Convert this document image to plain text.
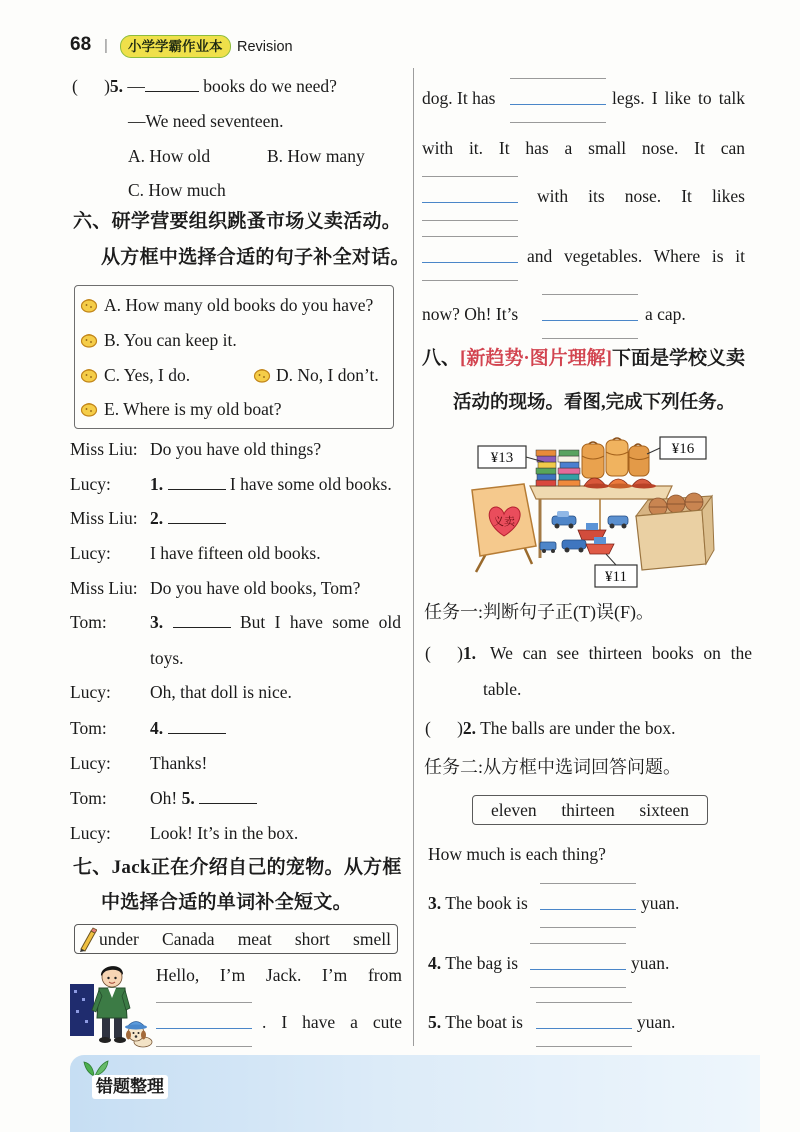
68 |	小学学霸作业本	Revision
(      )5. —	books do we need?
—We need seventeen.
A. How old	B. How many
C. How much
六、研学营要组织跳蚤市场义卖活动。
从方框中选择合适的句子补全对话。
A. How many old books do you have?
B. You can keep it.
C. Yes, I do.	D. No, I don’t.
E. Where is my old boat?
Miss Liu: Do you have old things?
Lucy: 1.	I have some old books.
Miss Liu: 2.
Lucy: I have fifteen old books.
Miss Liu: Do you have old books, Tom?
Tom: 3.	But I have some old
toys.
Lucy: Oh, that doll is nice.
Tom: 4.
Lucy: Thanks!
Tom: Oh! 5.
Lucy: Look! It’s in the box.
七、Jack正在介绍自己的宠物。从方框
中选择合适的单词补全短文。
under Canada meat short smell
Hello, I’m Jack. I’m from
. I have a cute
dog. It has	legs. I like to talk
with it. It has a small nose. It can
with its nose. It likes
and vegetables. Where is it
now? Oh! It’s	a cap.
八、[新趋势·图片理解]下面是学校义卖
活动的现场。看图,完成下列任务。
义卖
¥13
¥16
¥11
任务一:判断句子正(T)误(F)。
(      )1. We can see thirteen books on the
table.
(      )2. The balls are under the box.
任务二:从方框中选词回答问题。
eleven thirteen sixteen
How much is each thing?
3. The book is	yuan.
4. The bag is	yuan.
5. The boat is	yuan.
错题整理
